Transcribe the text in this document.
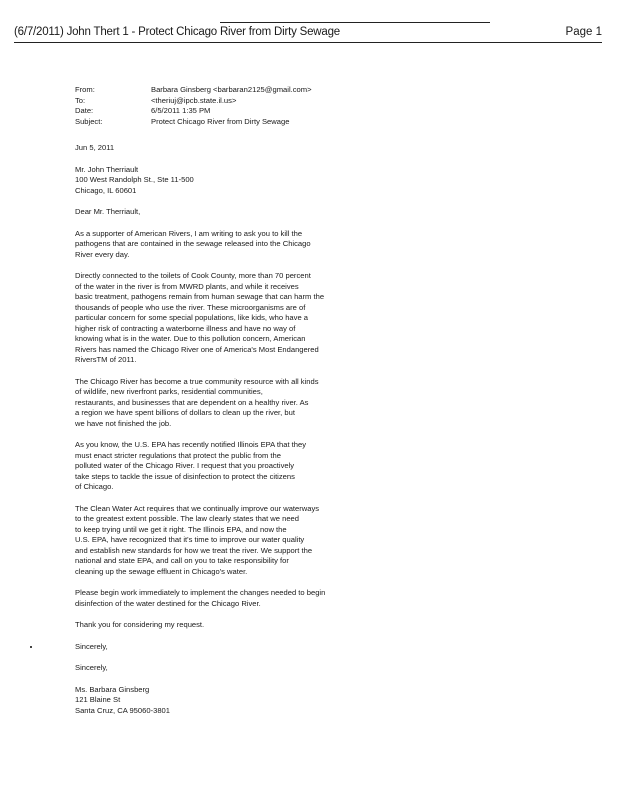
(6/7/2011) John Thert 1 - Protect Chicago River from Dirty Sewage	Page 1
From:	Barbara Ginsberg <barbaran2125@gmail.com>
To:	<theriuj@ipcb.state.il.us>
Date:	6/5/2011 1:35 PM
Subject:	Protect Chicago River from Dirty Sewage
Jun 5, 2011
Mr. John Therriault
100 West Randolph St., Ste 11-500
Chicago, IL 60601
Dear Mr. Therriault,
As a supporter of American Rivers, I am writing to ask you to kill the
pathogens that are contained in the sewage released into the Chicago
River every day.
Directly connected to the toilets of Cook County, more than 70 percent
of the water in the river is from MWRD plants, and while it receives
basic treatment, pathogens remain from human sewage that can harm the
thousands of people who use the river. These microorganisms are of
particular concern for some special populations, like kids, who have a
higher risk of contracting a waterborne illness and have no way of
knowing what is in the water. Due to this pollution concern, American
Rivers has named the Chicago River one of America's Most Endangered
RiversTM of 2011.
The Chicago River has become a true community resource with all kinds
of wildlife, new riverfront parks, residential communities,
restaurants, and businesses that are dependent on a healthy river. As
a region we have spent billions of dollars to clean up the river, but
we have not finished the job.
As you know, the U.S. EPA has recently notified Illinois EPA that they
must enact stricter regulations that protect the public from the
polluted water of the Chicago River. I request that you proactively
take steps to tackle the issue of disinfection to protect the citizens
of Chicago.
The Clean Water Act requires that we continually improve our waterways
to the greatest extent possible. The law clearly states that we need
to keep trying until we get it right. The Illinois EPA, and now the
U.S. EPA, have recognized that it's time to improve our water quality
and establish new standards for how we treat the river. We support the
national and state EPA, and call on you to take responsibility for
cleaning up the sewage effluent in Chicago's water.
Please begin work immediately to implement the changes needed to begin
disinfection of the water destined for the Chicago River.
Thank you for considering my request.
Sincerely,
Sincerely,
Ms. Barbara Ginsberg
121 Blaine St
Santa Cruz, CA 95060-3801
